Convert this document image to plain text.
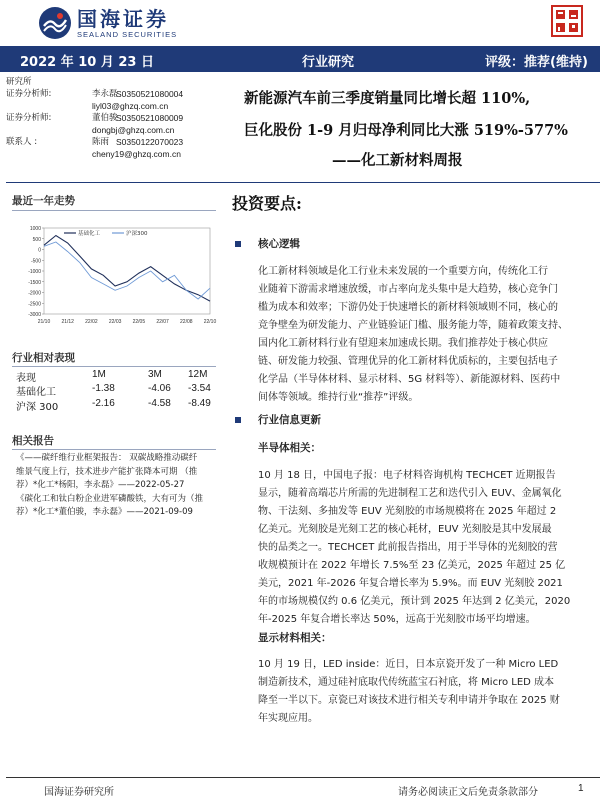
国海证券
SEALAND SECURITIES
2022 年 10 月 23 日	行业研究	评级：推荐(维持)
研究所
证券分析师:	李永磊
S0350521080004
liyl03@ghzq.com.cn
证券分析师:	董伯骏
S0350521080009
dongbj@ghzq.com.cn
联系人 :	陈雨 S0350122070023
cheny19@ghzq.com.cn
新能源汽车前三季度销量同比增长超 110%,
巨化股份 1-9 月归母净利同比大涨 519%-577%
——化工新材料周报
最近一年走势
1000
500
0
-500
-1000
-1500
-2000
-2500
-3000
21/10 21/12 22/02 22/03 22/05 22/07 22/08 22/10
基础化工	沪深300
行业相对表现
表现	1M	3M	12M
基础化工	-1.38	-4.06 -3.54
沪深 300	-2.16	-4.58 -8.49
相关报告
《——碳纤维行业框架报告： 双碳战略推动碳纤
维景气度上行，技术进步产能扩张降本可期 （推
荐）*化工*杨阳，李永磊》——2022-05-27
《碳化工和钛白粉企业进军磷酸铁，大有可为（推
荐）*化工*董伯骏，李永磊》——2021-09-09
投资要点:
核心逻辑
化工新材料领域是化工行业未来发展的一个重要方向，传统化工行
业随着下游需求增速放缓，市占率向龙头集中是大趋势，核心竞争门
槛为成本和效率；下游仍处于快速增长的新材料领域则不同，核心的
竞争壁垒为研发能力、产业链验证门槛、服务能力等，随着政策支持、
国内化工新材料行业有望迎来加速成长期。我们推荐处于核心供应
链、研发能力较强、管理优异的化工新材料优质标的，主要包括电子
化学品（半导体材料、显示材料、5G 材料等）、新能源材料、医药中
间体等领域。维持行业“推荐”评级。
行业信息更新
半导体相关：
10 月 18 日，中国电子报：电子材料咨询机构 TECHCET 近期报告
显示，随着高端芯片所需的先进制程工艺和迭代引入 EUV、金属氧化
物、干法刻、多抽发等 EUV 光刻胶的市场规模将在 2025 年超过 2
亿美元。光刻胶是光刻工艺的核心耗材，EUV 光刻胶是其中发展最
快的品类之一。TECHCET 此前报告指出，用于半导体的光刻胶的营
收规模预计在 2022 年增长 7.5%至 23 亿美元，2025 年超过 25 亿
美元，2021 年-2026 年复合增长率为 5.9%。而 EUV 光刻胶 2021
年的市场规模仅约 0.6 亿美元，预计到 2025 年达到 2 亿美元，2020
年-2025 年复合增长率达 50%，远高于光刻胶市场平均增速。
显示材料相关：
10 月 19 日，LED inside：近日，日本京瓷开发了一种 Micro LED
制造新技术，通过硅衬底取代传统蓝宝石衬底，将 Micro LED 成本
降至一半以下。京瓷已对该技术进行相关专利申请并争取在 2025 财
年实现应用。
国海证券研究所	请务必阅读正文后免责条款部分	1
